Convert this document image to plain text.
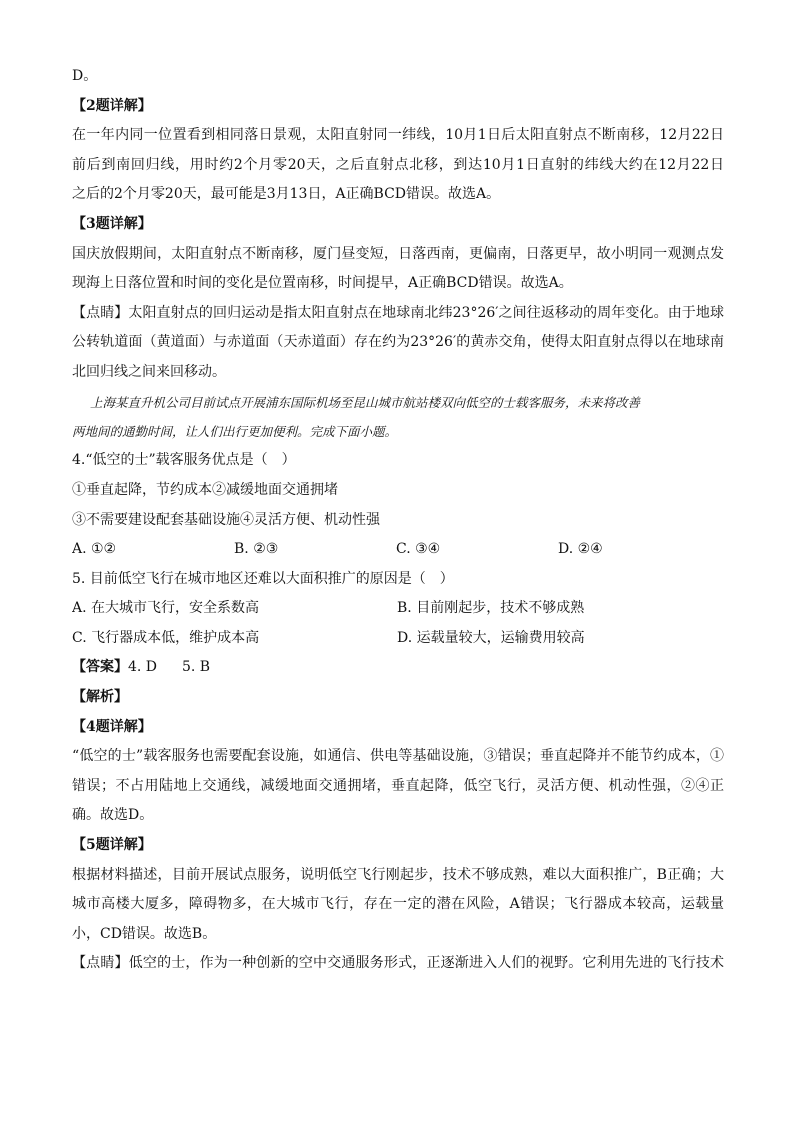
D。
【2题详解】
在一年内同一位置看到相同落日景观，太阳直射同一纬线，10月1日后太阳直射点不断南移，12月22日
前后到南回归线，用时约2个月零20天，之后直射点北移，到达10月1日直射的纬线大约在12月22日
之后的2个月零20天，最可能是3月13日，A正确BCD错误。故选A。
【3题详解】
国庆放假期间，太阳直射点不断南移，厦门昼变短，日落西南，更偏南，日落更早，故小明同一观测点发
现海上日落位置和时间的变化是位置南移，时间提早，A正确BCD错误。故选A。
【点睛】太阳直射点的回归运动是指太阳直射点在地球南北纬23°26′之间往返移动的周年变化。由于地球
公转轨道面（黄道面）与赤道面（天赤道面）存在约为23°26′的黄赤交角，使得太阳直射点得以在地球南
北回归线之间来回移动。
上海某直升机公司目前试点开展浦东国际机场至昆山城市航站楼双向低空的士载客服务，未来将改善
两地间的通勤时间，让人们出行更加便利。完成下面小题。
4.“低空的士”载客服务优点是（　）
①垂直起降，节约成本②减缓地面交通拥堵
③不需要建设配套基础设施④灵活方便、机动性强
A. ①②	B. ②③	C. ③④	D. ②④
5. 目前低空飞行在城市地区还难以大面积推广的原因是（　）
A. 在大城市飞行，安全系数高	B. 目前刚起步，技术不够成熟
C. 飞行器成本低，维护成本高	D. 运载量较大，运输费用较高
【答案】4. D 5. B
【解析】
【4题详解】
“低空的士”载客服务也需要配套设施，如通信、供电等基础设施，③错误；垂直起降并不能节约成本，①
错误；不占用陆地上交通线，减缓地面交通拥堵，垂直起降，低空飞行，灵活方便、机动性强，②④正
确。故选D。
【5题详解】
根据材料描述，目前开展试点服务，说明低空飞行刚起步，技术不够成熟，难以大面积推广，B正确；大
城市高楼大厦多，障碍物多，在大城市飞行，存在一定的潜在风险，A错误；飞行器成本较高，运载量
小，CD错误。故选B。
【点睛】低空的士，作为一种创新的空中交通服务形式，正逐渐进入人们的视野。它利用先进的飞行技术
